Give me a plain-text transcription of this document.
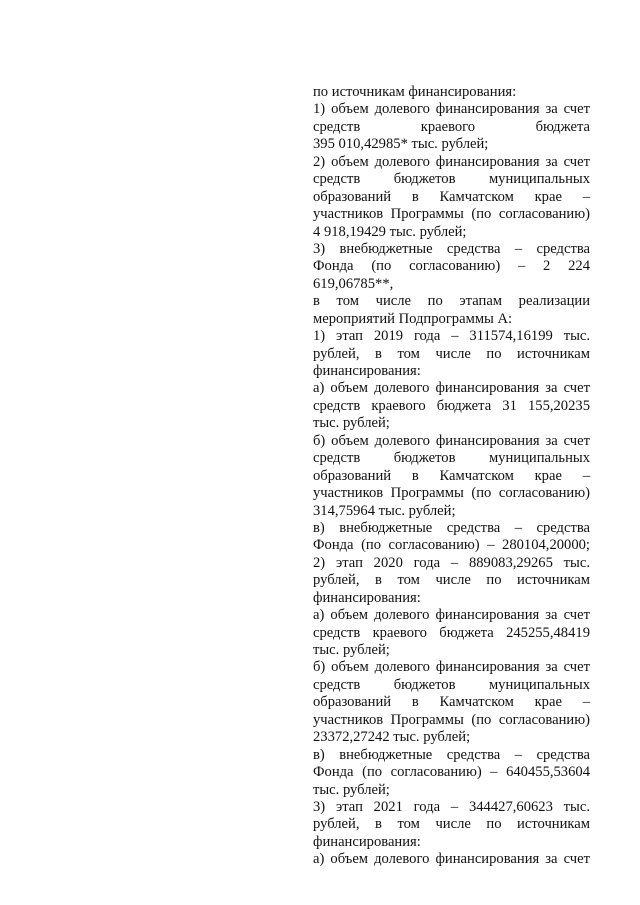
по источникам финансирования:
1) объем долевого финансирования за счет
средств краевого бюджета
395 010,42985* тыс. рублей;
2) объем долевого финансирования за счет
средств бюджетов муниципальных
образований в Камчатском крае –
участников Программы (по согласованию)
4 918,19429 тыс. рублей;
3) внебюджетные средства – средства
Фонда (по согласованию) – 2 224
619,06785**,
в том числе по этапам реализации
мероприятий Подпрограммы А:
1) этап 2019 года – 311574,16199 тыс.
рублей, в том числе по источникам
финансирования:
а) объем долевого финансирования за счет
средств краевого бюджета 31 155,20235
тыс. рублей;
б) объем долевого финансирования за счет
средств бюджетов муниципальных
образований в Камчатском крае –
участников Программы (по согласованию)
314,75964 тыс. рублей;
в) внебюджетные средства – средства
Фонда (по согласованию) – 280104,20000;
2) этап 2020 года – 889083,29265 тыс.
рублей, в том числе по источникам
финансирования:
а) объем долевого финансирования за счет
средств краевого бюджета 245255,48419
тыс. рублей;
б) объем долевого финансирования за счет
средств бюджетов муниципальных
образований в Камчатском крае –
участников Программы (по согласованию)
23372,27242 тыс. рублей;
в) внебюджетные средства – средства
Фонда (по согласованию) – 640455,53604
тыс. рублей;
3) этап 2021 года – 344427,60623 тыс.
рублей, в том числе по источникам
финансирования:
а) объем долевого финансирования за счет
